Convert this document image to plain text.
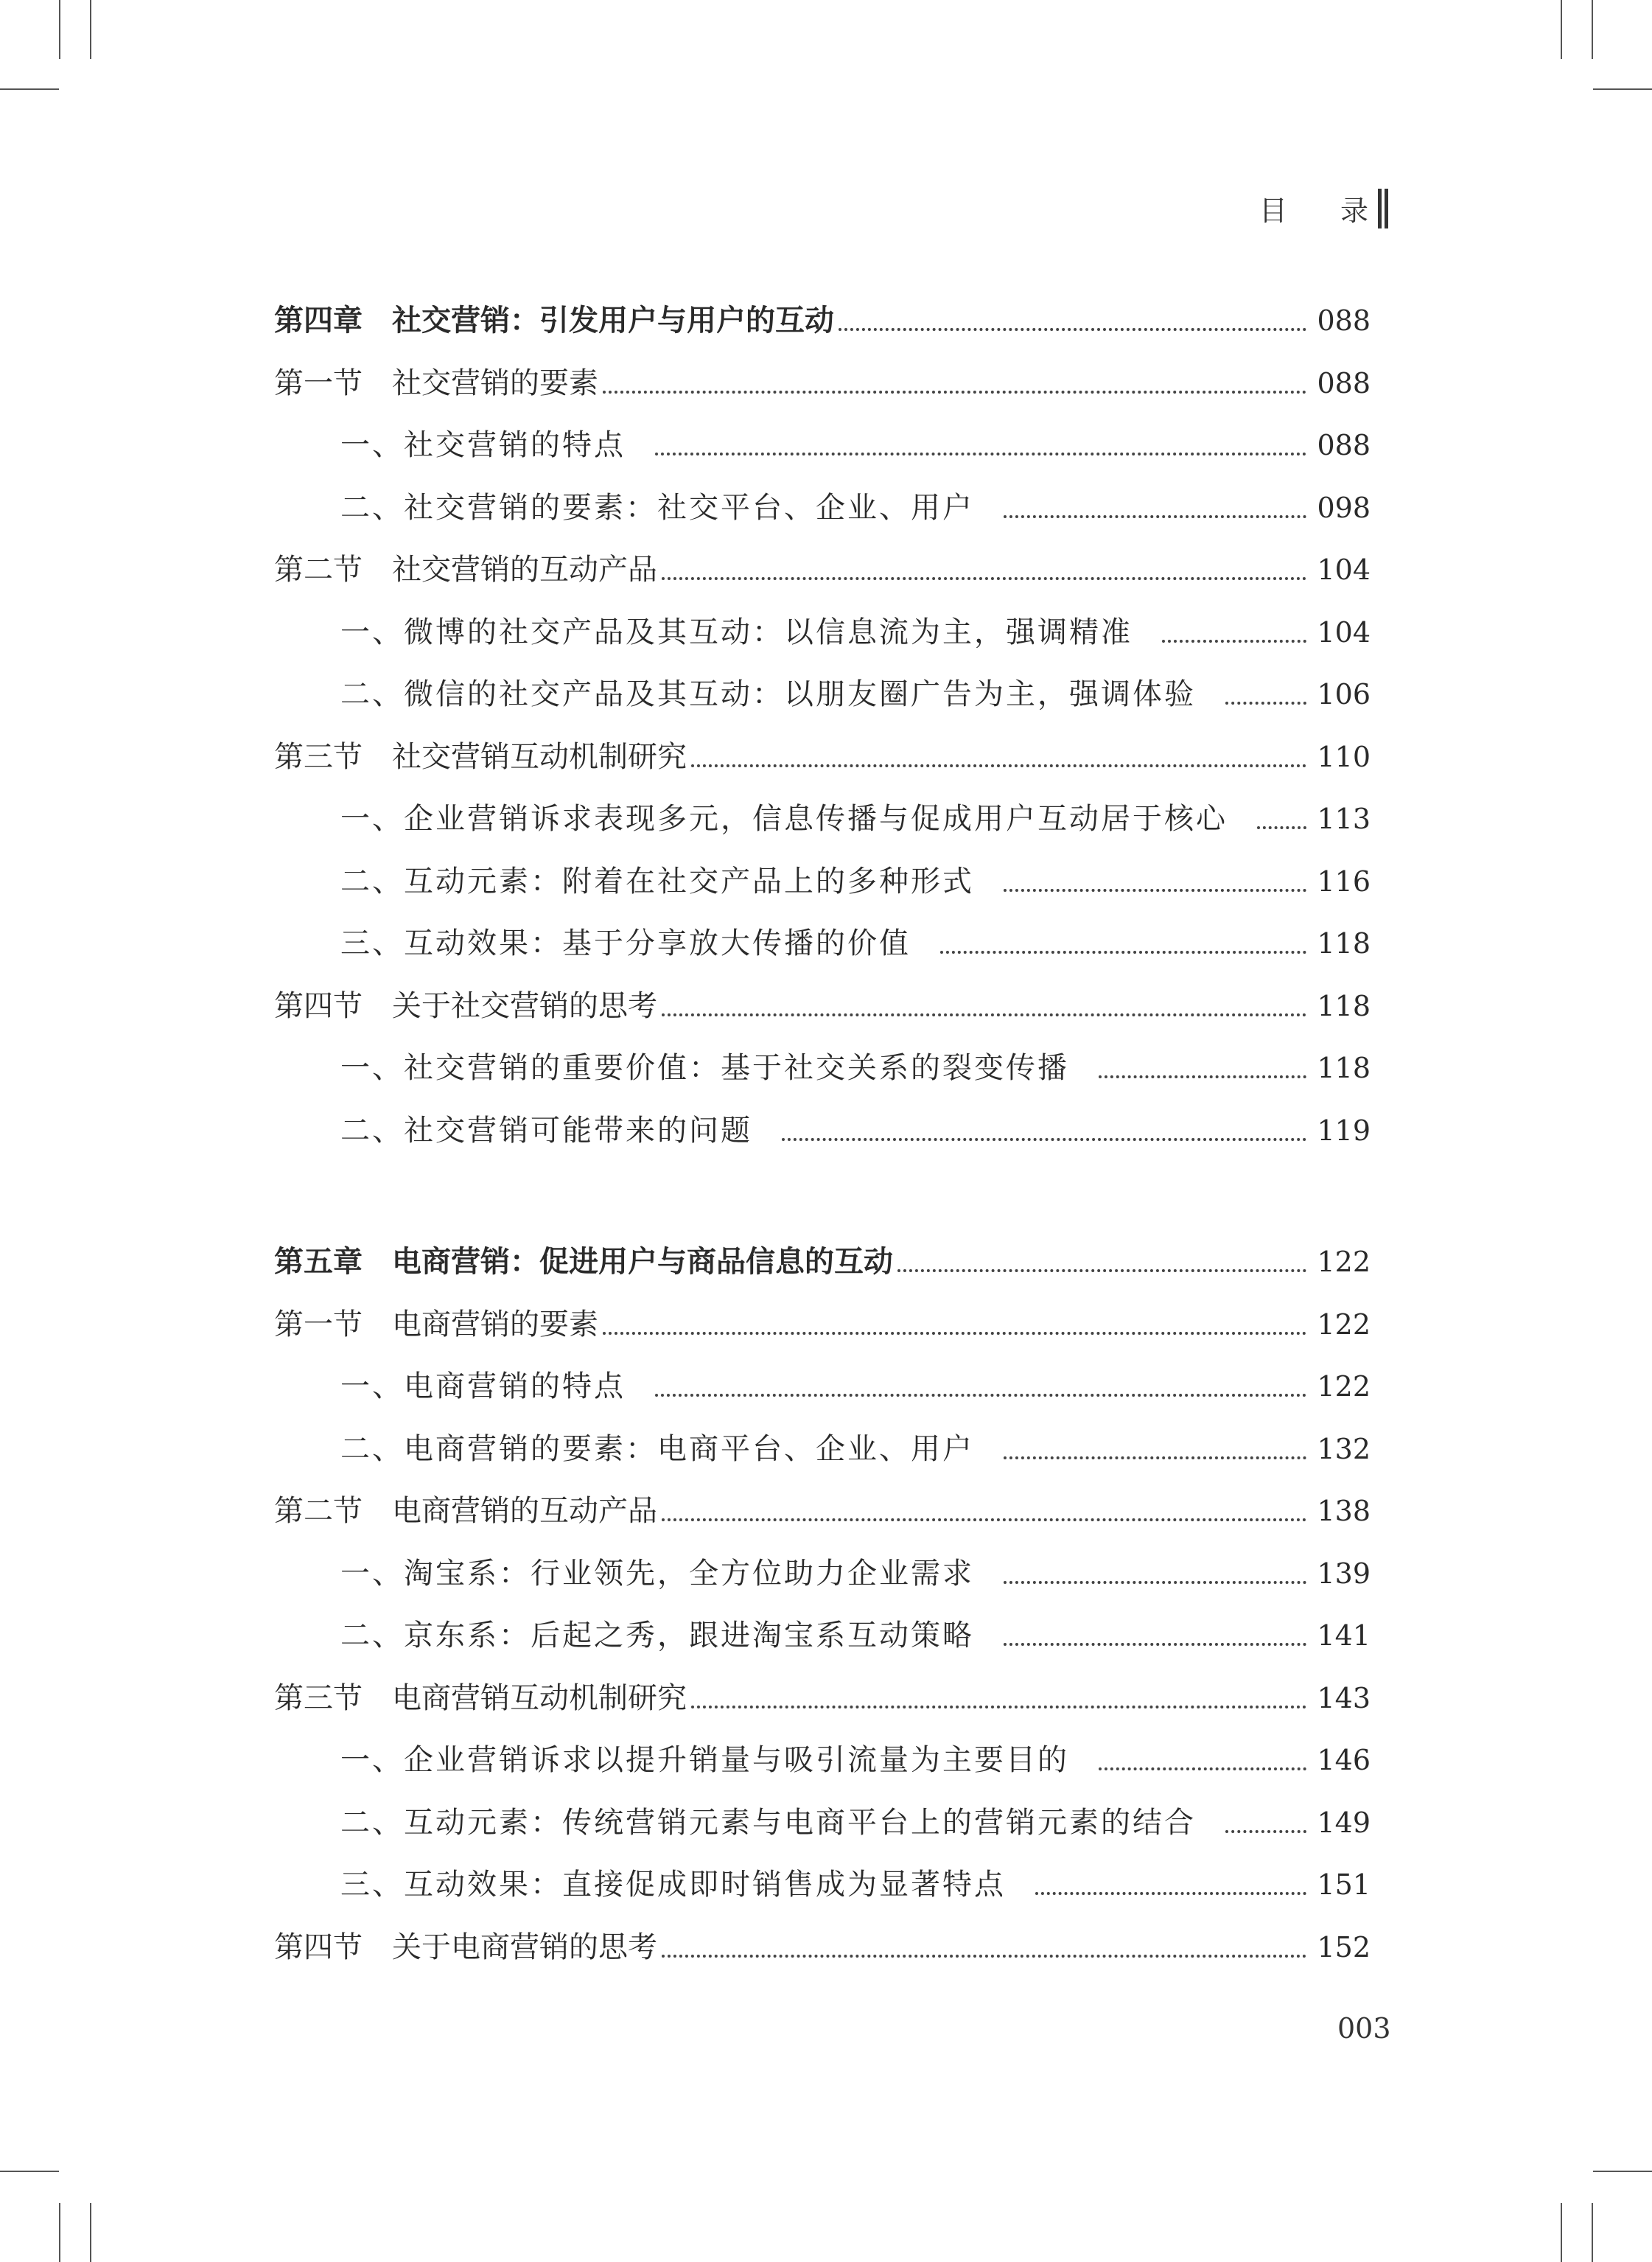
目 录
第四章　社交营销：引发用户与用户的互动	088
第一节　社交营销的要素	088
一、社交营销的特点	088
二、社交营销的要素：社交平台、企业、用户	098
第二节　社交营销的互动产品	104
一、微博的社交产品及其互动：以信息流为主，强调精准	104
二、微信的社交产品及其互动：以朋友圈广告为主，强调体验	106
第三节　社交营销互动机制研究	110
一、企业营销诉求表现多元，信息传播与促成用户互动居于核心	113
二、互动元素：附着在社交产品上的多种形式	116
三、互动效果：基于分享放大传播的价值	118
第四节　关于社交营销的思考	118
一、社交营销的重要价值：基于社交关系的裂变传播	118
二、社交营销可能带来的问题	119
第五章　电商营销：促进用户与商品信息的互动	122
第一节　电商营销的要素	122
一、电商营销的特点	122
二、电商营销的要素：电商平台、企业、用户	132
第二节　电商营销的互动产品	138
一、淘宝系：行业领先，全方位助力企业需求	139
二、京东系：后起之秀，跟进淘宝系互动策略	141
第三节　电商营销互动机制研究	143
一、企业营销诉求以提升销量与吸引流量为主要目的	146
二、互动元素：传统营销元素与电商平台上的营销元素的结合	149
三、互动效果：直接促成即时销售成为显著特点	151
第四节　关于电商营销的思考	152
003
